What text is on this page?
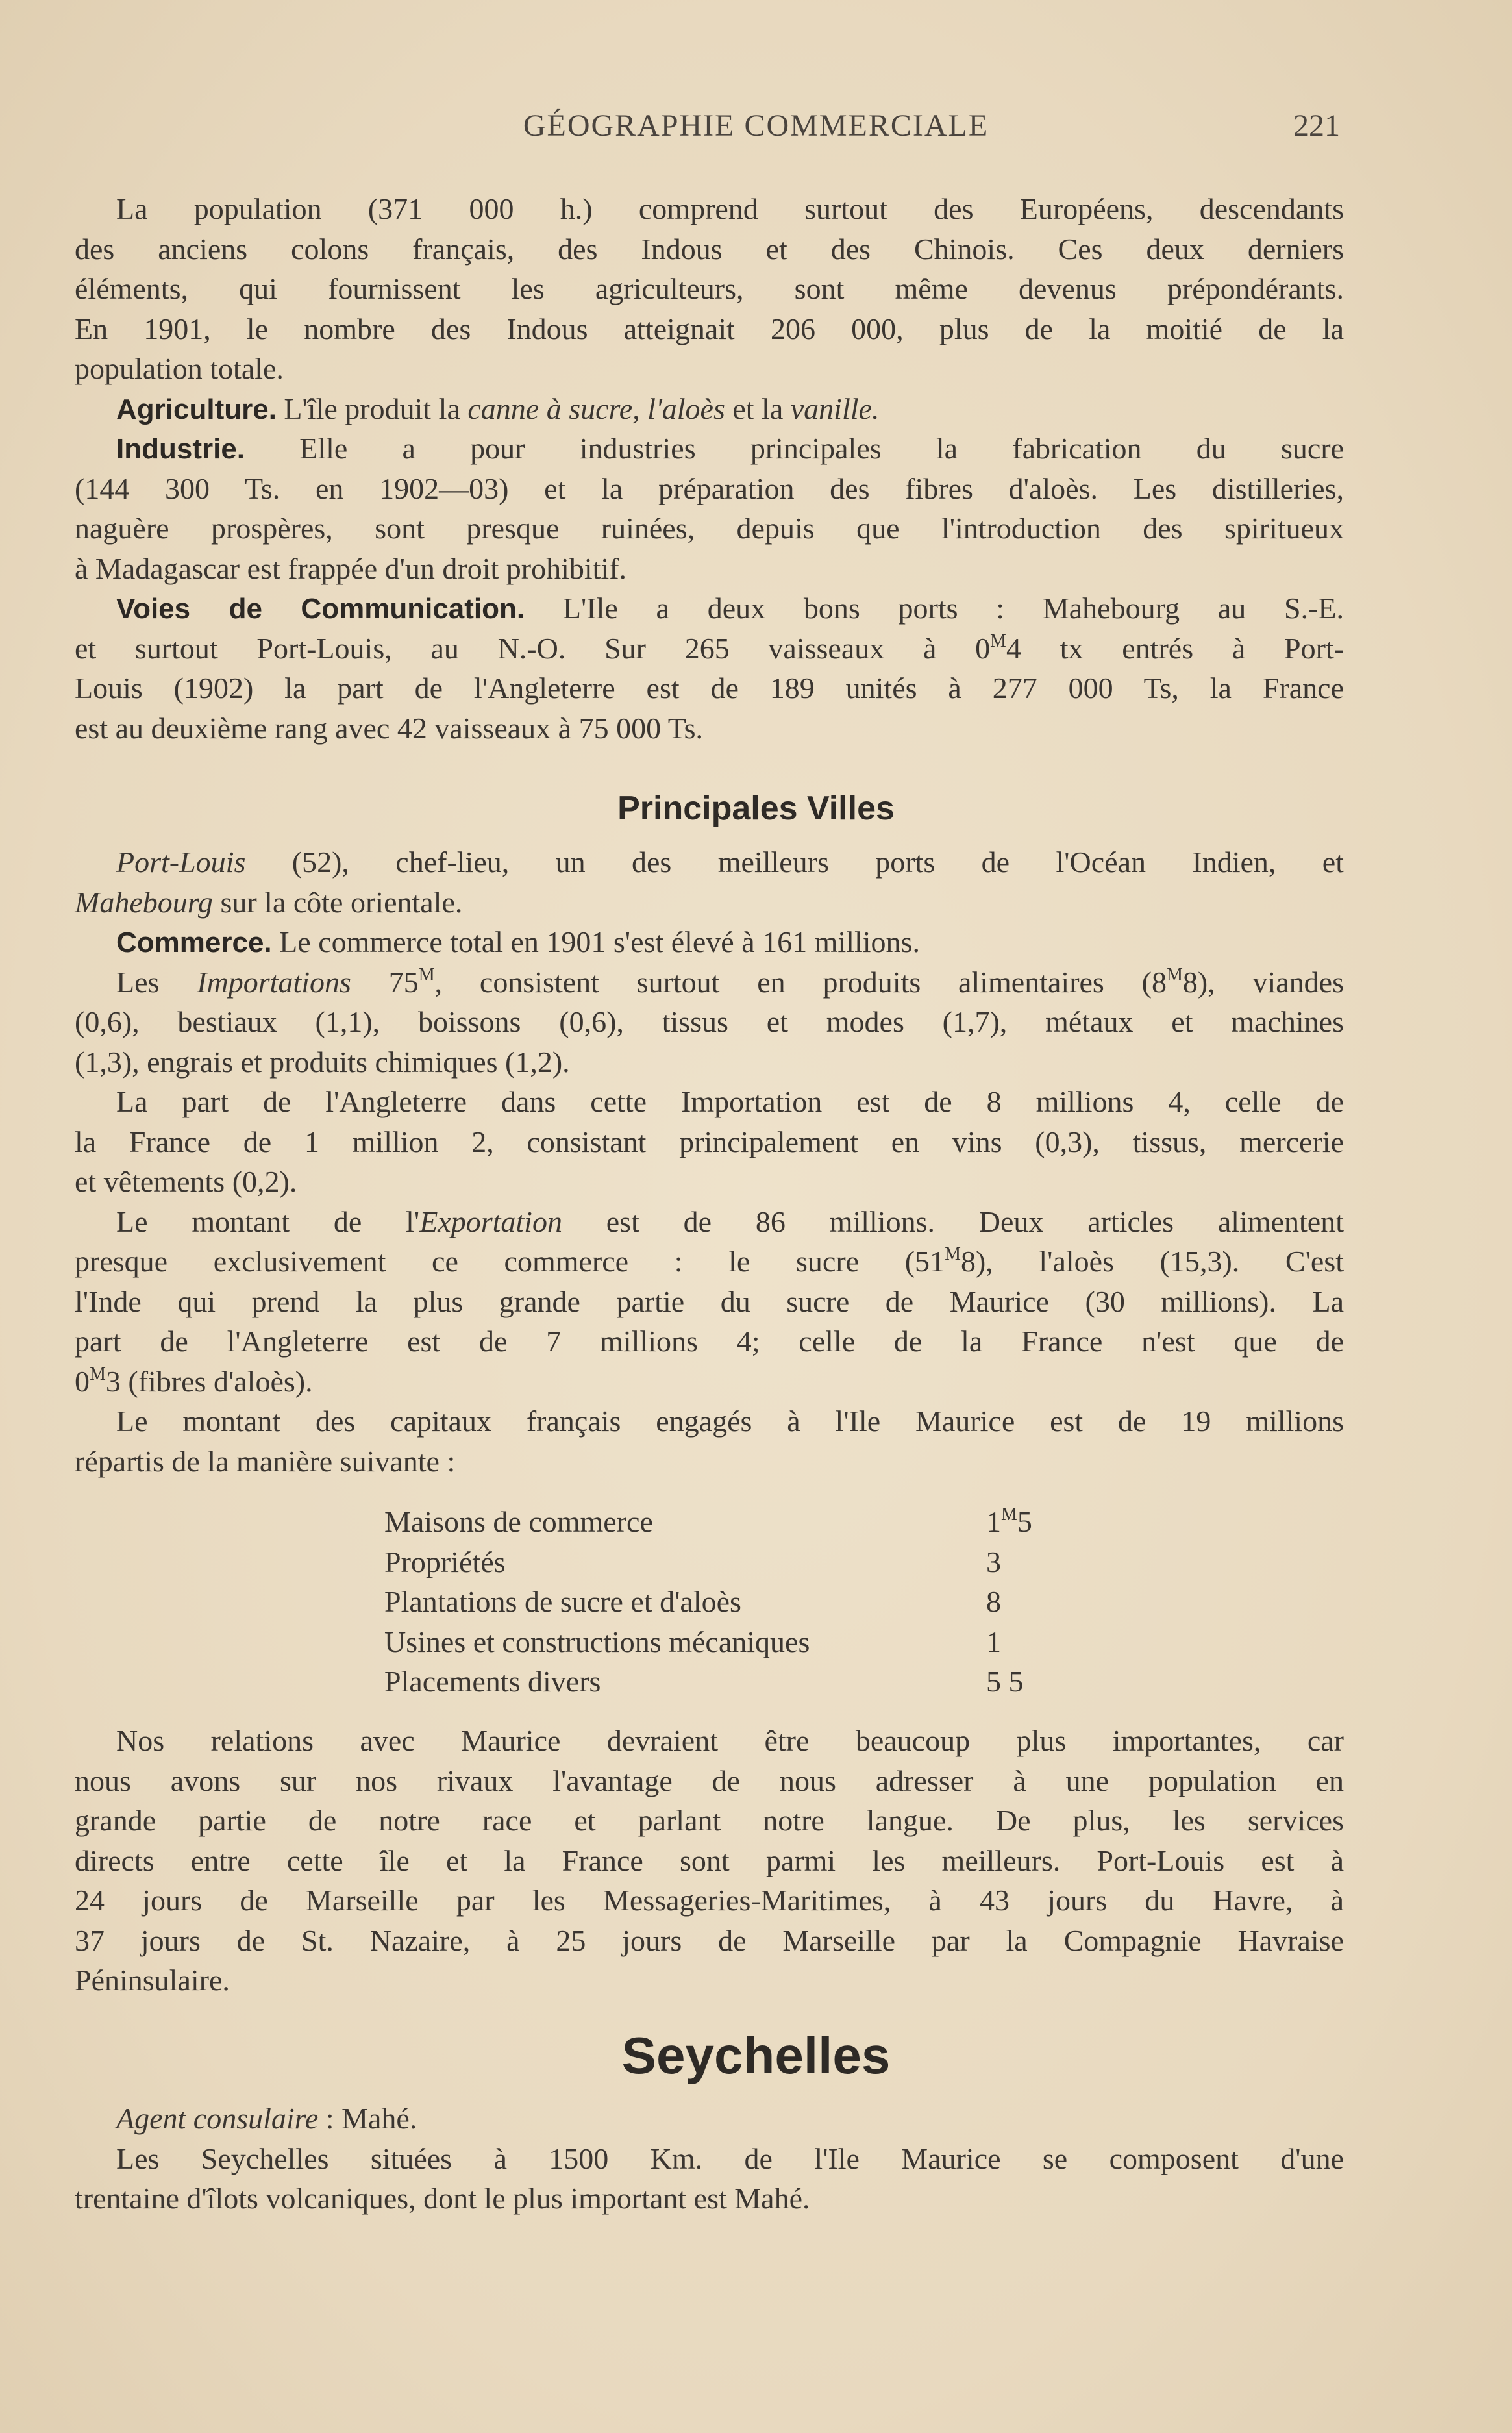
GÉOGRAPHIE COMMERCIALE	221
La population (371 000 h.) comprend surtout des Européens, descendants
des anciens colons français, des Indous et des Chinois. Ces deux derniers
éléments, qui fournissent les agriculteurs, sont même devenus prépondérants.
En 1901, le nombre des Indous atteignait 206 000, plus de la moitié de la
population totale.
Agriculture. L'île produit la canne à sucre, l'aloès et la vanille.
Industrie. Elle a pour industries principales la fabrication du sucre
(144 300 Ts. en 1902—03) et la préparation des fibres d'aloès. Les distilleries,
naguère prospères, sont presque ruinées, depuis que l'introduction des spiritueux
à Madagascar est frappée d'un droit prohibitif.
Voies de Communication. L'Ile a deux bons ports : Mahebourg au S.-E.
et surtout Port-Louis, au N.-O. Sur 265 vaisseaux à $0^M4$ tx entrés à Port-
Louis (1902) la part de l'Angleterre est de 189 unités à 277 000 Ts, la France
est au deuxième rang avec 42 vaisseaux à 75 000 Ts.
Principales Villes
Port-Louis (52), chef-lieu, un des meilleurs ports de l'Océan Indien, et
Mahebourg sur la côte orientale.
Commerce. Le commerce total en 1901 s'est élevé à 161 millions.
Les Importations $75^M$, consistent surtout en produits alimentaires $(8^M8)$, viandes
(0,6), bestiaux (1,1), boissons (0,6), tissus et modes (1,7), métaux et machines
(1,3), engrais et produits chimiques (1,2).
La part de l'Angleterre dans cette Importation est de 8 millions 4, celle de
la France de 1 million 2, consistant principalement en vins (0,3), tissus, mercerie
et vêtements (0,2).
Le montant de l'Exportation est de 86 millions. Deux articles alimentent
presque exclusivement ce commerce : le sucre $(51^M8)$, l'aloès (15,3). C'est
l'Inde qui prend la plus grande partie du sucre de Maurice (30 millions). La
part de l'Angleterre est de 7 millions 4; celle de la France n'est que de
$0^M3$ (fibres d'aloès).
Le montant des capitaux français engagés à l'Ile Maurice est de 19 millions
répartis de la manière suivante :
Maisons de commerce	$1^M5$
Propriétés	3
Plantations de sucre et d'aloès	8
Usines et constructions mécaniques	1
Placements divers	5 5
Nos relations avec Maurice devraient être beaucoup plus importantes, car
nous avons sur nos rivaux l'avantage de nous adresser à une population en
grande partie de notre race et parlant notre langue. De plus, les services
directs entre cette île et la France sont parmi les meilleurs. Port-Louis est à
24 jours de Marseille par les Messageries-Maritimes, à 43 jours du Havre, à
37 jours de St. Nazaire, à 25 jours de Marseille par la Compagnie Havraise
Péninsulaire.
Seychelles
Agent consulaire : Mahé.
Les Seychelles situées à 1500 Km. de l'Ile Maurice se composent d'une
trentaine d'îlots volcaniques, dont le plus important est Mahé.
